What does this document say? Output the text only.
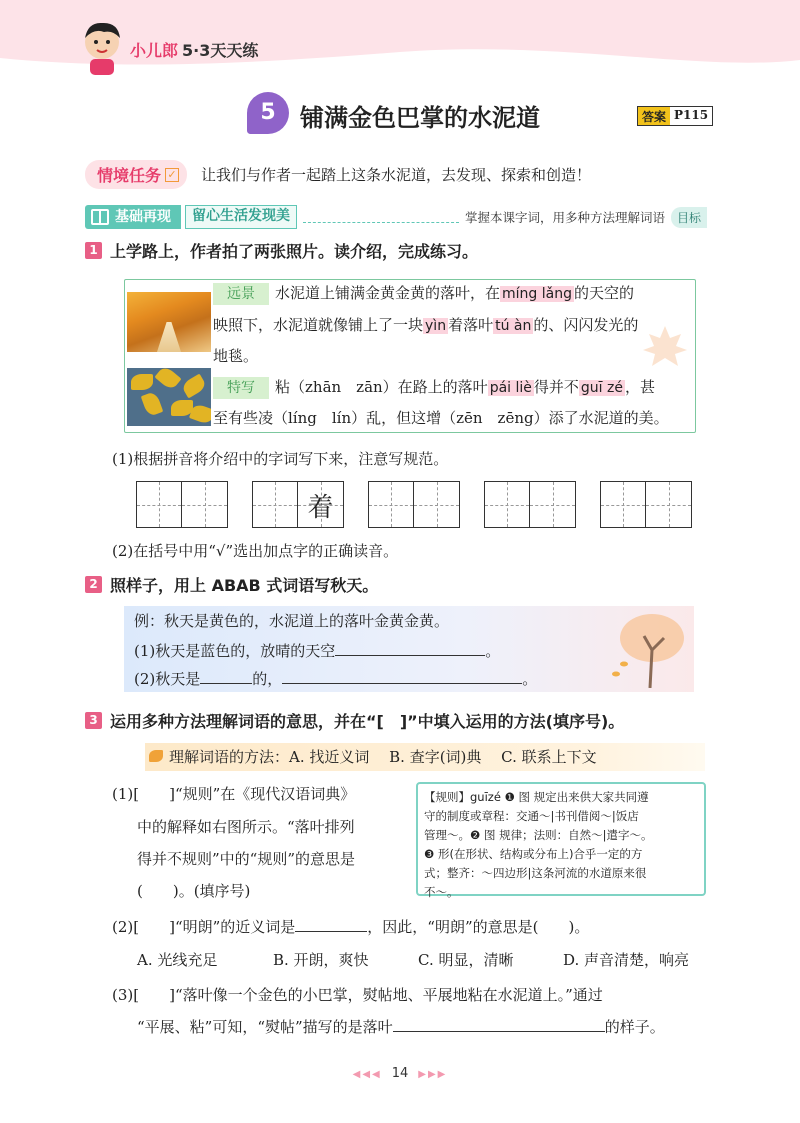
小儿郎 5·3天天练
5	铺满金色巴掌的水泥道	答案 P115
情境任务 ✓ 让我们与作者一起踏上这条水泥道，去发现、探索和创造！
基础再现	留心生活发现美	掌握本课字词，用多种方法理解词语	目标
1 上学路上，作者拍了两张照片。读介绍，完成练习。
远景 水泥道上铺满金黄金黄的落叶，在 míng lǎng 的天空的
映照下，水泥道就像铺上了一块 yìn 着落叶 tú àn 的、闪闪发光的
地毯。
特写 粘（zhān　zān）在路上的落叶 pái liè 得并不 guī zé ，甚
至有些凌（líng　lín）乱，但这增（zēn　zēng）添了水泥道的美。
(1)根据拼音将介绍中的字词写下来，注意写规范。
着
(2)在括号中用“√”选出加点字的正确读音。
2 照样子，用上 ABAB 式词语写秋天。
例：秋天是黄色的，水泥道上的落叶金黄金黄。
(1)秋天是蓝色的，放晴的天空	。
(2)秋天是	的，	。
3 运用多种方法理解词语的意思，并在“[　]”中填入运用的方法(填序号)。
理解词语的方法：A. 找近义词　 B. 查字(词)典　 C. 联系上下文
(1)[　　]“规则”在《现代汉语词典》
中的解释如右图所示。“落叶排列
得并不规则”中的“规则”的意思是
(　　)。(填序号)

【规则】guīzé ❶ 图 规定出来供大家共同遵

守的制度或章程：交通～|书刊借阅～|饭店

管理～。❷ 图 规律；法则：自然～|遣字～。

❸ 形(在形状、结构或分布上)合乎一定的方

式；整齐：～四边形|这条河流的水道原来很

不～。

(2)[　　]“明朗”的近义词是	，因此，“明朗”的意思是(　　)。
A. 光线充足	B. 开朗，爽快	C. 明显，清晰	D. 声音清楚，响亮
(3)[　　]“落叶像一个金色的小巴掌，熨帖地、平展地粘在水泥道上。”通过
“平展、粘”可知，“熨帖”描写的是落叶	的样子。
◀◀◀ 14 ▶▶▶
